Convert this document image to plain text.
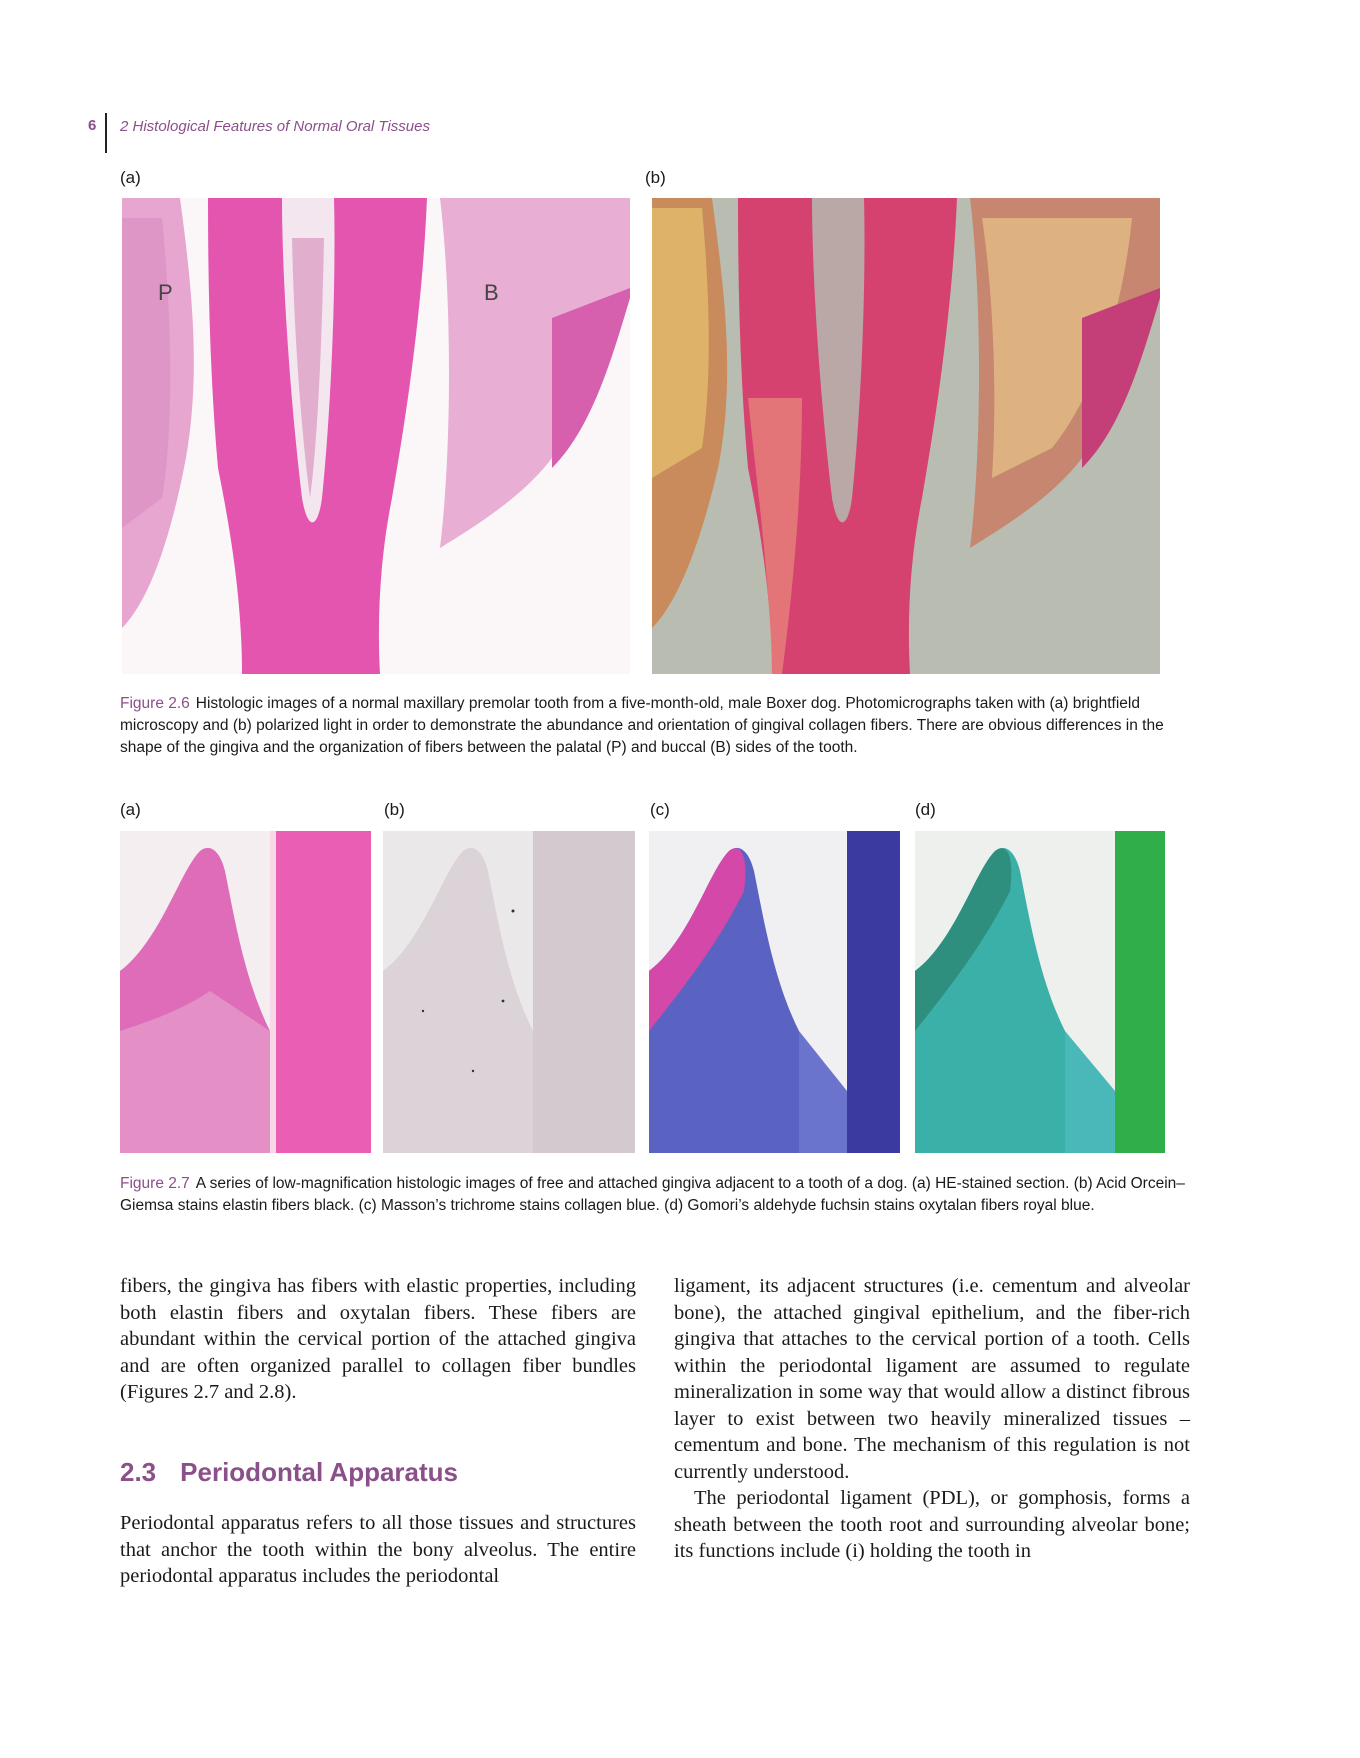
6 2 Histological Features of Normal Oral Tissues
(a)	(b)
P	B

Figure 2.6 Histologic images of a normal maxillary premolar tooth from a five-month-old, male Boxer dog. Photomicrographs taken with (a) brightfield microscopy and (b) polarized light in order to demonstrate the abundance and orientation of gingival collagen fibers. There are obvious differences in the shape of the gingiva and the organization of fibers between the palatal (P) and buccal (B) sides of the tooth.

(a)	(b)	(c)	(d)

Figure 2.7 A series of low-magnification histologic images of free and attached gingiva adjacent to a tooth of a dog. (a) HE-stained section. (b) Acid Orcein–Giemsa stains elastin fibers black. (c) Masson’s trichrome stains collagen blue. (d) Gomori’s aldehyde fuchsin stains oxytalan fibers royal blue.

fibers, the gingiva has fibers with elastic properties, including both elastin fibers and oxytalan fibers. These fibers are abundant within the cervical portion of the attached gingiva and are often organized parallel to collagen fiber bundles (Figures 2.7 and 2.8).

2.3 Periodontal Apparatus

Periodontal apparatus refers to all those tissues and structures that anchor the tooth within the bony alveolus. The entire periodontal apparatus includes the periodontal

ligament, its adjacent structures (i.e. cementum and alveolar bone), the attached gingival epithelium, and the fiber-rich gingiva that attaches to the cervical portion of a tooth. Cells within the periodontal ligament are assumed to regulate mineralization in some way that would allow a distinct fibrous layer to exist between two heavily mineralized tissues – cementum and bone. The mechanism of this regulation is not currently understood.

The periodontal ligament (PDL), or gomphosis, forms a sheath between the tooth root and surrounding alveolar bone; its functions include (i) holding the tooth in
